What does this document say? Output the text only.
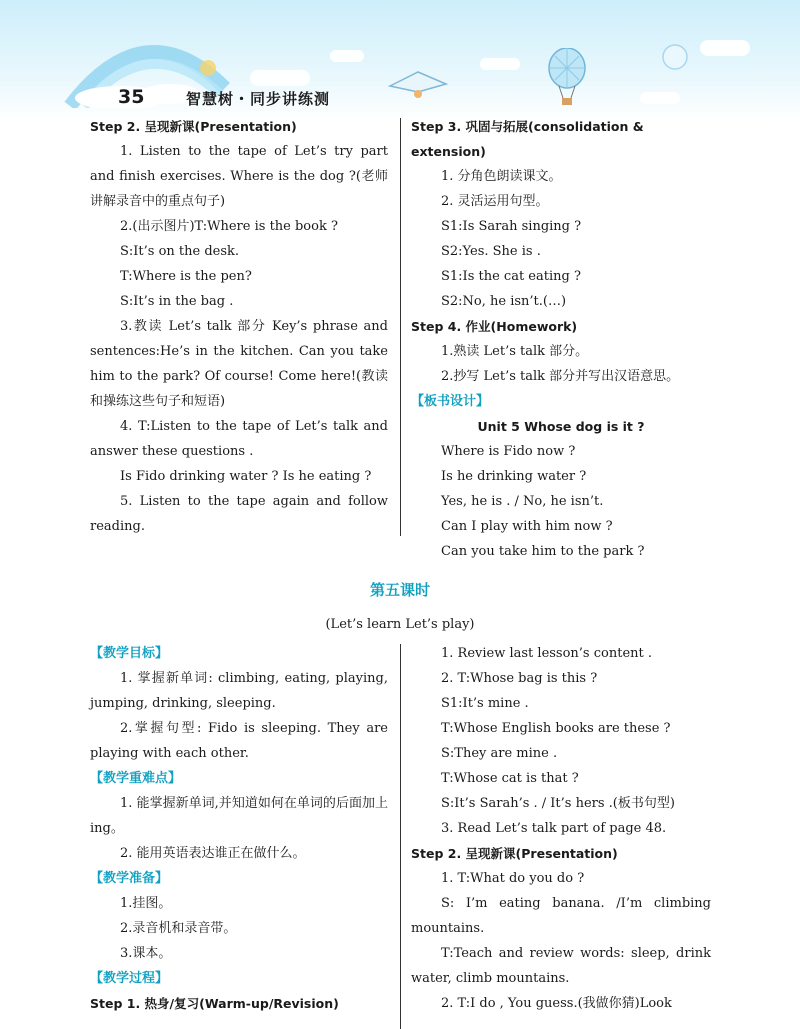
35	智慧树・同步讲练测

Step 2. 呈现新课(Presentation)

1. Listen to the tape of Let’s try part and finish exercises. Where is the dog ?(老师讲解录音中的重点句子)

2.(出示图片)T:Where is the book ?

S:It’s on the desk.

T:Where is the pen?

S:It’s in the bag .

3.教读 Let’s talk 部分 Key’s phrase and sentences:He’s in the kitchen. Can you take him to the park? Of course! Come here!(教读和操练这些句子和短语)

4. T:Listen to the tape of Let’s talk and answer these questions .

Is Fido drinking water ? Is he eating ?

5. Listen to the tape again and follow reading.

Step 3. 巩固与拓展(consolidation & extension)

1. 分角色朗读课文。

2. 灵活运用句型。

S1:Is Sarah singing ?

S2:Yes. She is .

S1:Is the cat eating ?

S2:No, he isn’t.(…)

Step 4. 作业(Homework)

1.熟读 Let’s talk 部分。

2.抄写 Let’s talk 部分并写出汉语意思。

【板书设计】

Unit 5 Whose dog is it ?

Where is Fido now ?

Is he drinking water ?

Yes, he is . / No, he isn’t.

Can I play with him now ?

Can you take him to the park ?

第五课时
(Let’s learn Let’s play)

【教学目标】

1. 掌握新单词: climbing, eating, playing, jumping, drinking, sleeping.

2.掌握句型: Fido is sleeping. They are playing with each other.

【教学重难点】

1. 能掌握新单词,并知道如何在单词的后面加上 ing。

2. 能用英语表达谁正在做什么。

【教学准备】

1.挂图。

2.录音机和录音带。

3.课本。

【教学过程】

Step 1. 热身/复习(Warm-up/Revision)

1. Review last lesson’s content .

2. T:Whose bag is this ?

S1:It’s mine .

T:Whose English books are these ?

S:They are mine .

T:Whose cat is that ?

S:It’s Sarah’s . / It’s hers .(板书句型)

3. Read Let’s talk part of page 48.

Step 2. 呈现新课(Presentation)

1. T:What do you do ?

S: I’m eating banana. /I’m climbing mountains.

T:Teach and review words: sleep, drink water, climb mountains.

2. T:I do , You guess.(我做你猜)Look
